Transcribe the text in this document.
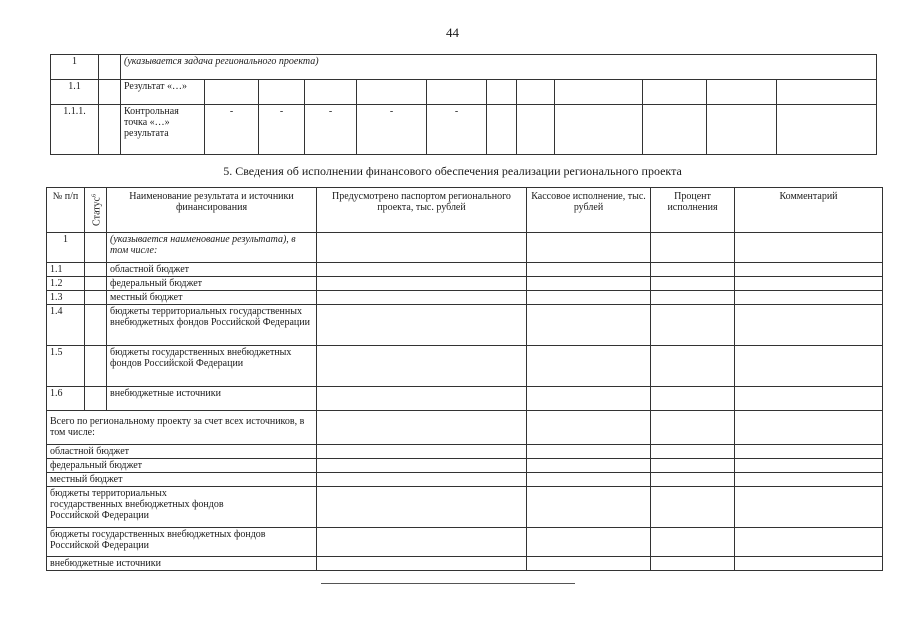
44
1		(указывается задача регионального проекта)											
1.1		Результат «…»											
1.1.1.		Контрольная точка «…» результата	-	-	-	-	-						
5. Сведения об исполнении финансового обеспечения реализации регионального проекта
№ п/п	Статус$^6$	Наименование результата и источники финансирования	Предусмотрено паспортом регионального проекта, тыс. рублей	Кассовое исполнение, тыс. рублей	Процент исполнения	Комментарий
1		(указывается наименование результата), в том числе:				
1.1		областной бюджет				
1.2		федеральный бюджет				
1.3		местный бюджет				
1.4		бюджеты территориальных государственных внебюджетных фондов Российской Федерации				
1.5		бюджеты государственных внебюджетных фондов Российской Федерации				
1.6		внебюджетные источники				
Всего по региональному проекту за счет всех источников, в том числе:						
областной бюджет						
федеральный бюджет						
местный бюджет						
бюджеты территориальных государственных внебюджетных фондов Российской Федерации						
бюджеты государственных внебюджетных фондов Российской Федерации						
внебюджетные источники						
